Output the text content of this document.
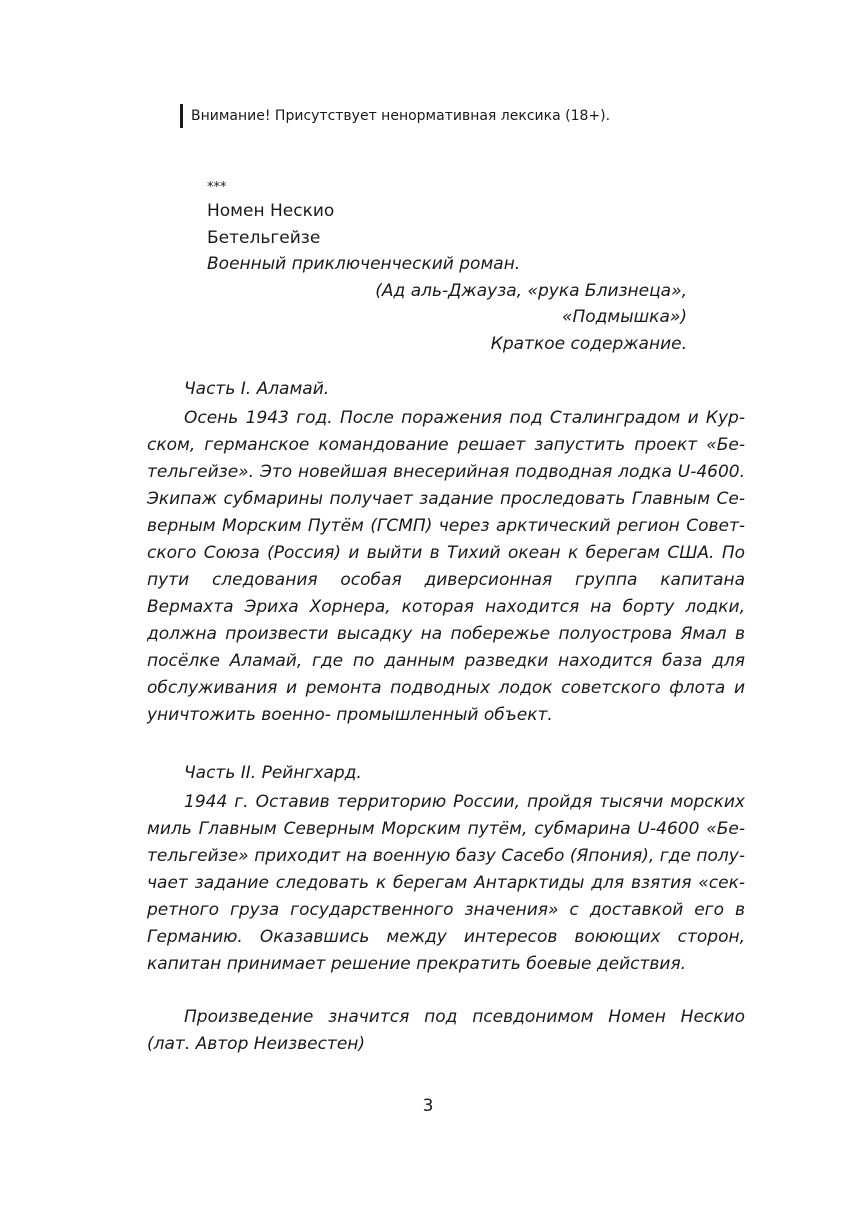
Внимание! Присутствует ненормативная лексика (18+).

***

Номен Нескио

Бетельгейзе

Военный приключенческий роман.

(Ад аль-Джауза, «рука Близнеца»,

«Подмышка»)

Краткое содержание.

Часть I. Аламай.

Осень 1943 год. После поражения под Сталинградом и Курском, германское командование решает запустить проект «Бетельгейзе». Это новейшая внесерийная подводная лодка U-4600. Экипаж субмарины получает задание проследовать Главным Северным Морским Путём (ГСМП) через арктический регион Советского Союза (Россия) и выйти в Тихий океан к берегам США. По пути следования особая диверсионная группа капитана Вермахта Эриха Хорнера, которая находится на борту лодки, должна произвести высадку на побережье полуострова Ямал в посёлке Аламай, где по данным разведки находится база для обслуживания и ремонта подводных лодок советского флота и уничтожить военно- промышленный объект.

Часть II. Рейнгхард.

1944 г. Оставив территорию России, пройдя тысячи морских миль Главным Северным Морским путём, субмарина U-4600 «Бетельгейзе» приходит на военную базу Сасебо (Япония), где получает задание следовать к берегам Антарктиды для взятия «секретного груза государственного значения» с доставкой его в Германию. Оказавшись между интересов воюющих сторон, капитан принимает решение прекратить боевые действия.

Произведение значится под псевдонимом Номен Нескио (лат. Автор Неизвестен)

3
